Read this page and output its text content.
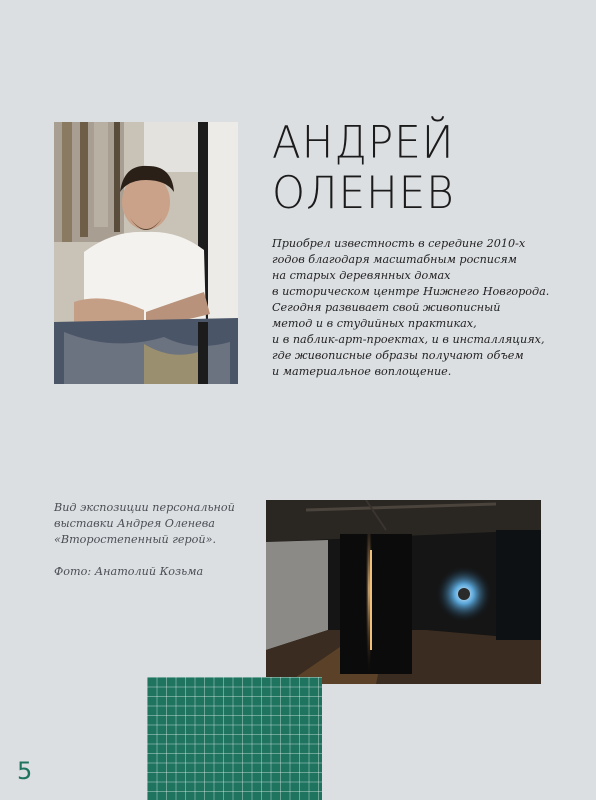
АНДРЕЙ
ОЛЕНЕВ
Приобрел известность в середине 2010-х
годов благодаря масштабным росписям
на старых деревянных домах
в историческом центре Нижнего Новгорода.
Сегодня развивает свой живописный
метод и в студийных практиках,
и в паблик-арт-проектах, и в инсталляциях,
где живописные образы получают объем
и материальное воплощение.
Вид экспозиции персональной
выставки Андрея Оленева
«Второстепенный герой».
Фото: Анатолий Козьма
5
